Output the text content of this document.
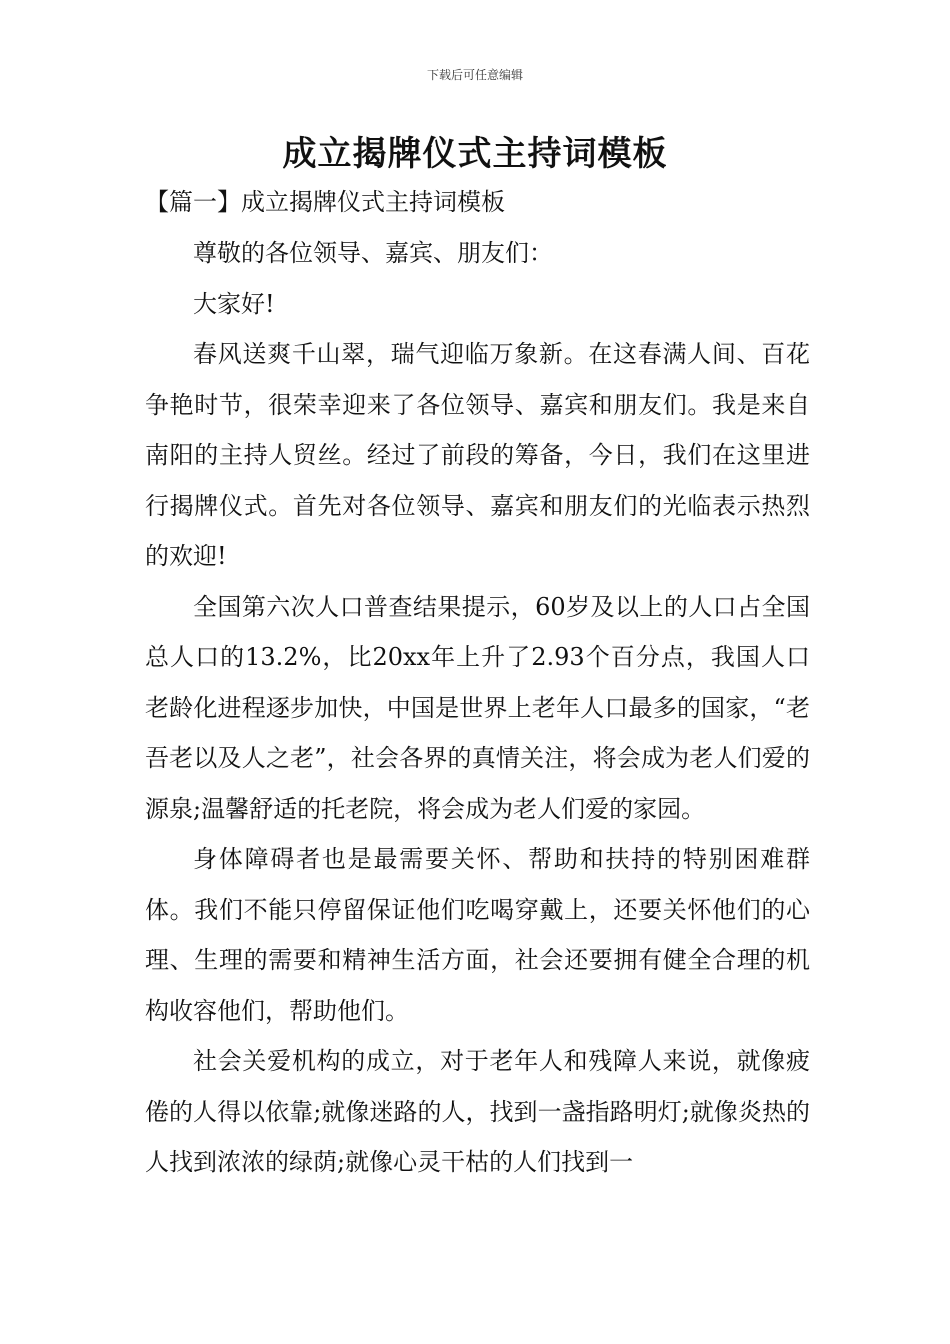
下载后可任意编辑
成立揭牌仪式主持词模板
【篇一】成立揭牌仪式主持词模板

尊敬的各位领导、嘉宾、朋友们：

大家好!

春风送爽千山翠，瑞气迎临万象新。在这春满人间、百花争艳时节，很荣幸迎来了各位领导、嘉宾和朋友们。我是来自南阳的主持人贸丝。经过了前段的筹备，今日，我们在这里进行揭牌仪式。首先对各位领导、嘉宾和朋友们的光临表示热烈的欢迎!

全国第六次人口普查结果提示，60岁及以上的人口占全国总人口的13.2%，比20xx年上升了2.93个百分点，我国人口老龄化进程逐步加快，中国是世界上老年人口最多的国家，“老吾老以及人之老”，社会各界的真情关注，将会成为老人们爱的源泉;温馨舒适的托老院，将会成为老人们爱的家园。

身体障碍者也是最需要关怀、帮助和扶持的特别困难群体。我们不能只停留保证他们吃喝穿戴上，还要关怀他们的心理、生理的需要和精神生活方面，社会还要拥有健全合理的机构收容他们，帮助他们。

社会关爱机构的成立，对于老年人和残障人来说，就像疲倦的人得以依靠;就像迷路的人，找到一盏指路明灯;就像炎热的人找到浓浓的绿荫;就像心灵干枯的人们找到一
